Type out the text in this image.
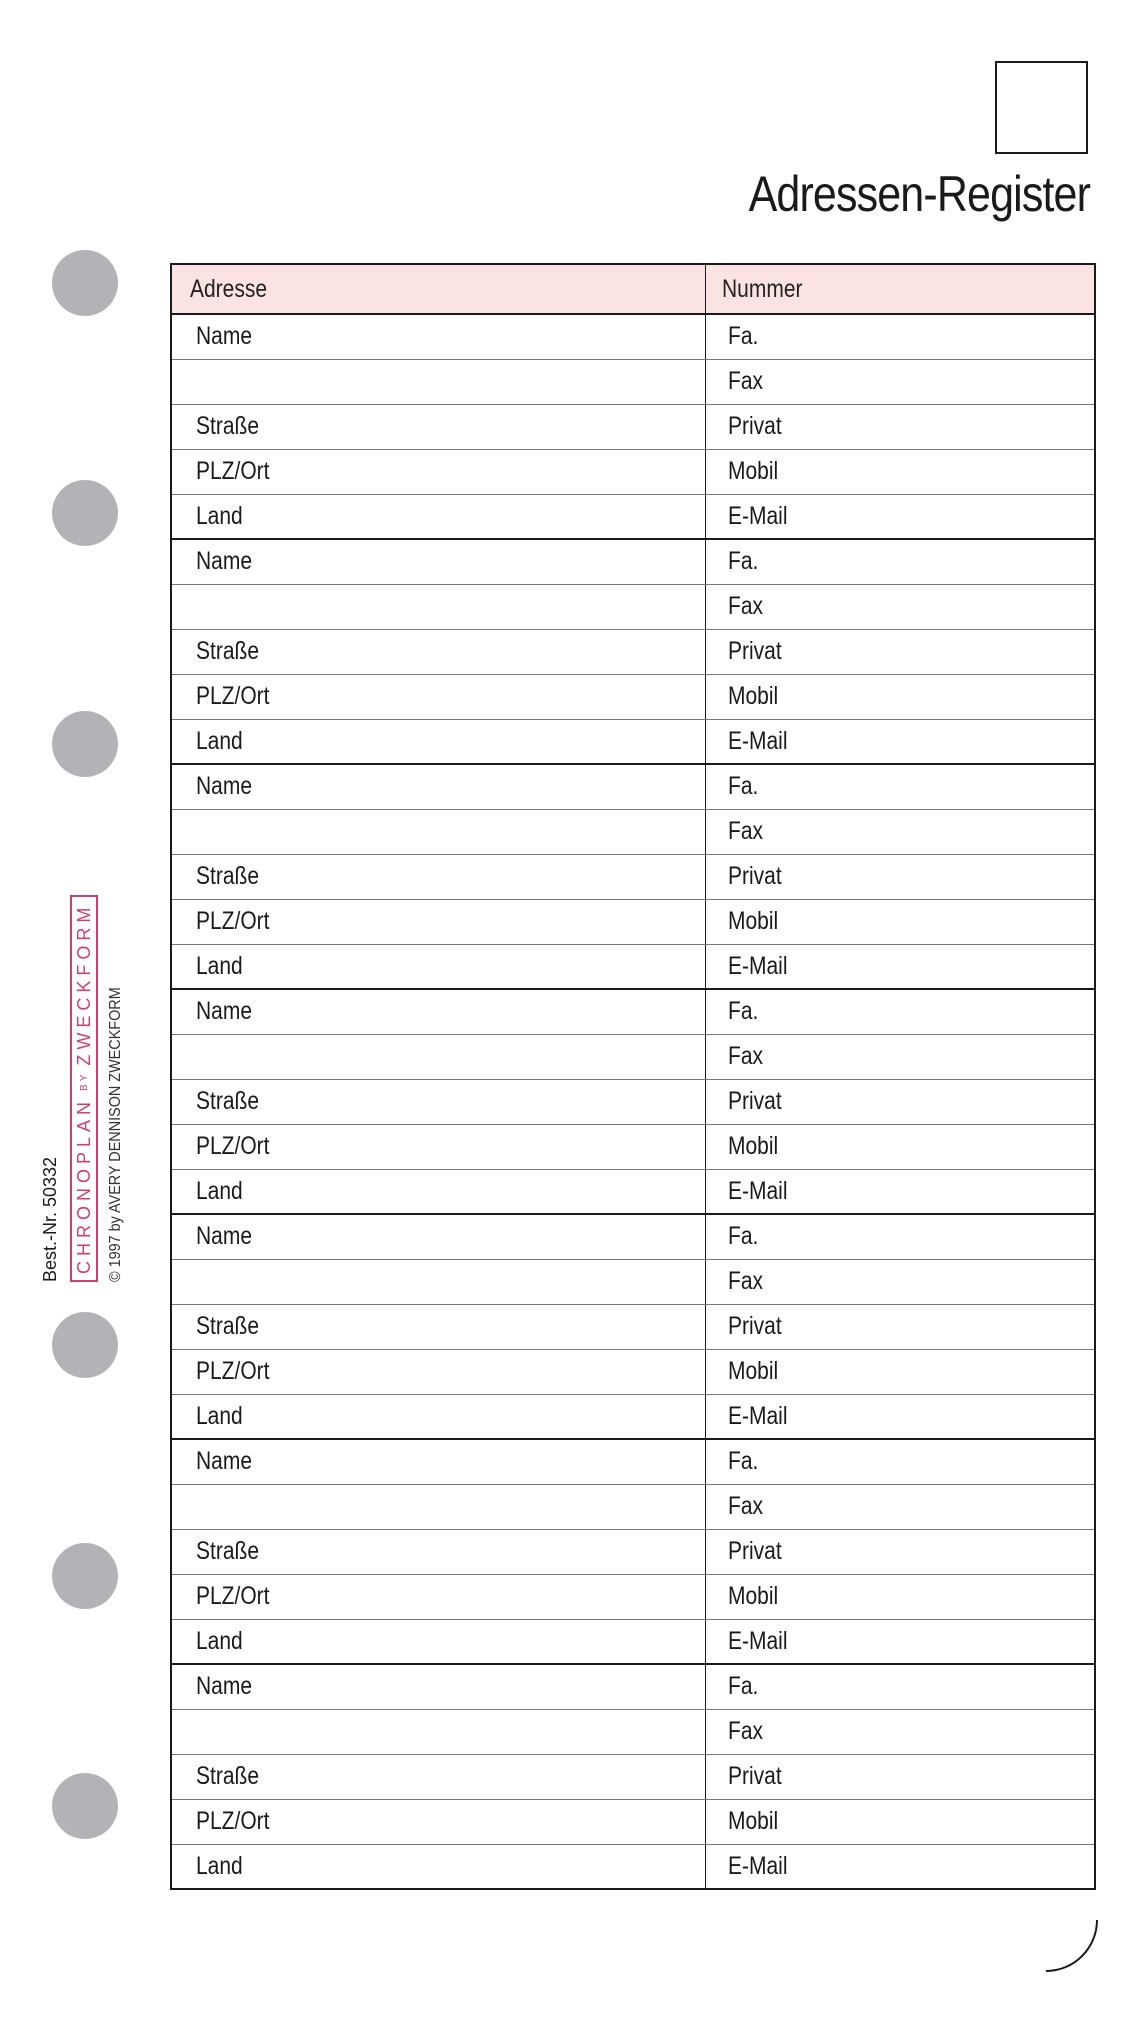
Adressen-Register
Best.-Nr. 50332 CHRONOPLAN
BY
ZWECKFORM
© 1997 by AVERY DENNISON ZWECKFORM
Adresse	Nummer
Name	Fa.
	Fax
Straße	Privat
PLZ/Ort	Mobil
Land	E-Mail
Name	Fa.
	Fax
Straße	Privat
PLZ/Ort	Mobil
Land	E-Mail
Name	Fa.
	Fax
Straße	Privat
PLZ/Ort	Mobil
Land	E-Mail
Name	Fa.
	Fax
Straße	Privat
PLZ/Ort	Mobil
Land	E-Mail
Name	Fa.
	Fax
Straße	Privat
PLZ/Ort	Mobil
Land	E-Mail
Name	Fa.
	Fax
Straße	Privat
PLZ/Ort	Mobil
Land	E-Mail
Name	Fa.
	Fax
Straße	Privat
PLZ/Ort	Mobil
Land	E-Mail
